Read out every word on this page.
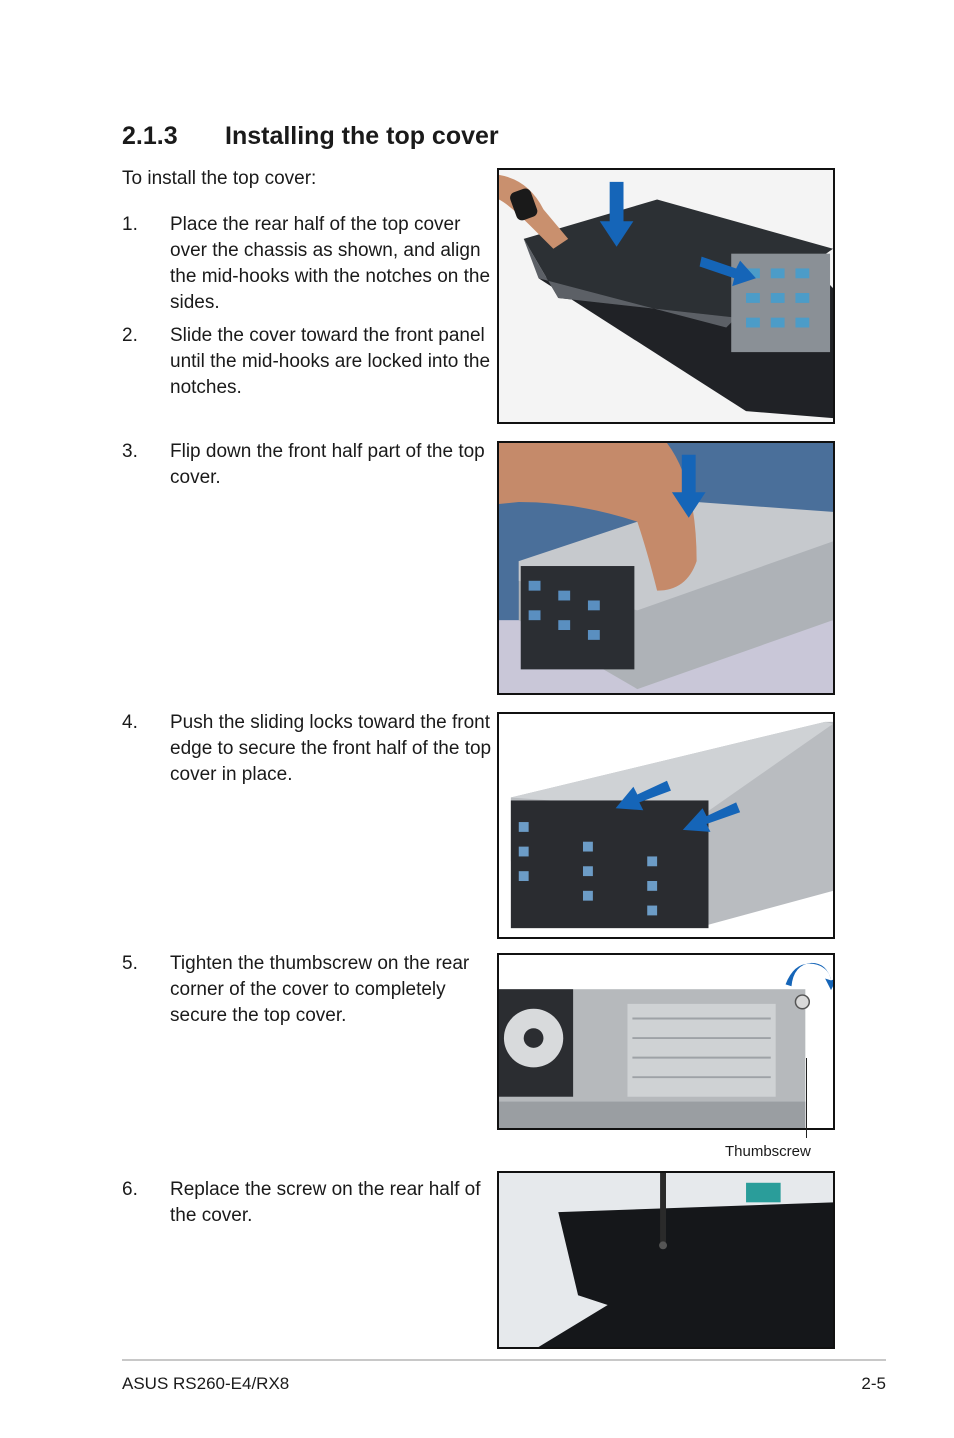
2.1.3 Installing the top cover
To install the top cover:
1. Place the rear half of the top cover over the chassis as shown, and align the mid-hooks with the notches on the sides.
2. Slide the cover toward the front panel until the mid-hooks are locked into the notches.
3. Flip down the front half part of the top cover.
4. Push the sliding locks toward the front edge to secure the front half of the top cover in place.
5. Tighten the thumbscrew on the rear corner of the cover to completely secure the top cover.
6. Replace the screw on the rear half of the cover.
Thumbscrew
ASUS RS260-E4/RX8	2-5
